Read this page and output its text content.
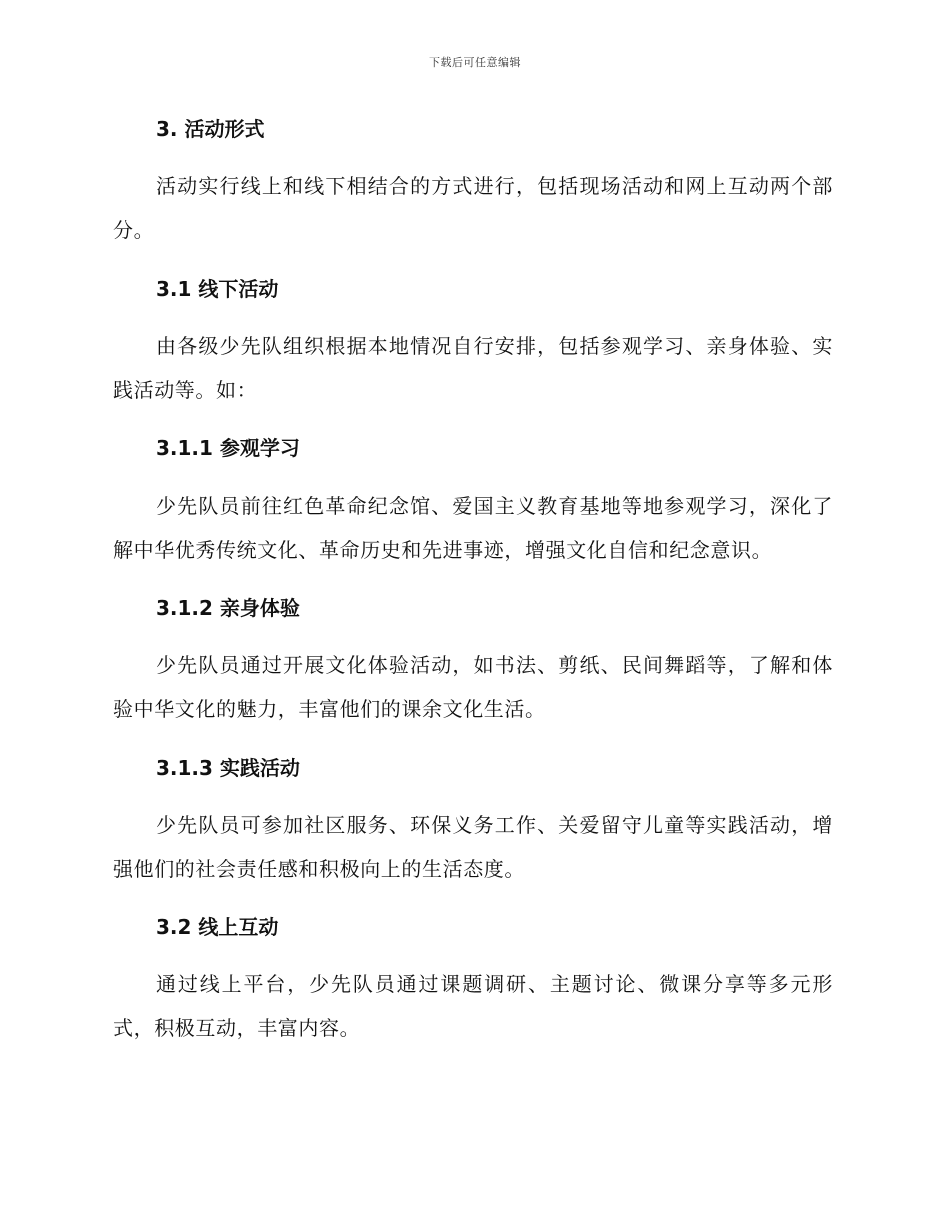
下载后可任意编辑
3. 活动形式
活动实行线上和线下相结合的方式进行，包括现场活动和网上互动两个部分。
3.1 线下活动
由各级少先队组织根据本地情况自行安排，包括参观学习、亲身体验、实践活动等。如：
3.1.1 参观学习
少先队员前往红色革命纪念馆、爱国主义教育基地等地参观学习，深化了解中华优秀传统文化、革命历史和先进事迹，增强文化自信和纪念意识。
3.1.2 亲身体验
少先队员通过开展文化体验活动，如书法、剪纸、民间舞蹈等，了解和体验中华文化的魅力，丰富他们的课余文化生活。
3.1.3 实践活动
少先队员可参加社区服务、环保义务工作、关爱留守儿童等实践活动，增强他们的社会责任感和积极向上的生活态度。
3.2 线上互动
通过线上平台，少先队员通过课题调研、主题讨论、微课分享等多元形式，积极互动，丰富内容。
